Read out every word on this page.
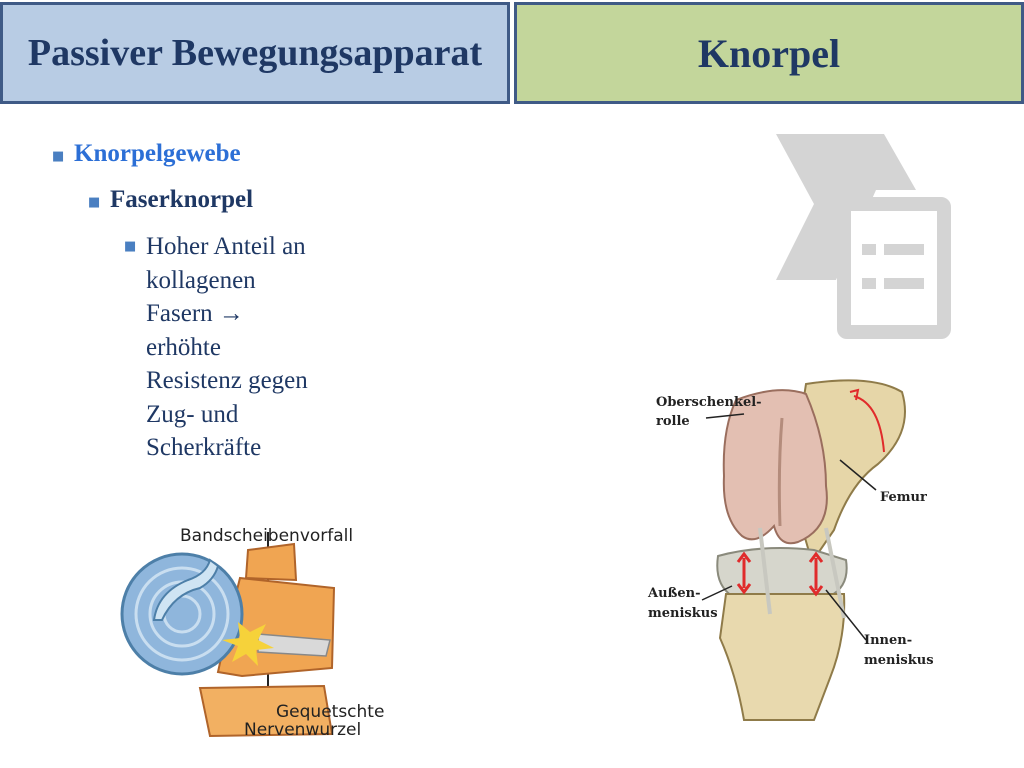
Passiver Bewegungsapparat	Knorpel
■ Knorpelgewebe
■ Faserknorpel
■ Hoher Anteil an kollagenen Fasern → erhöhte Resistenz gegen Zug- und Scherkräfte
Bandscheibenvorfall
Gequetschte
Nervenwurzel
Oberschenkel-
rolle
Femur
Außen-
meniskus
Innen-
meniskus
